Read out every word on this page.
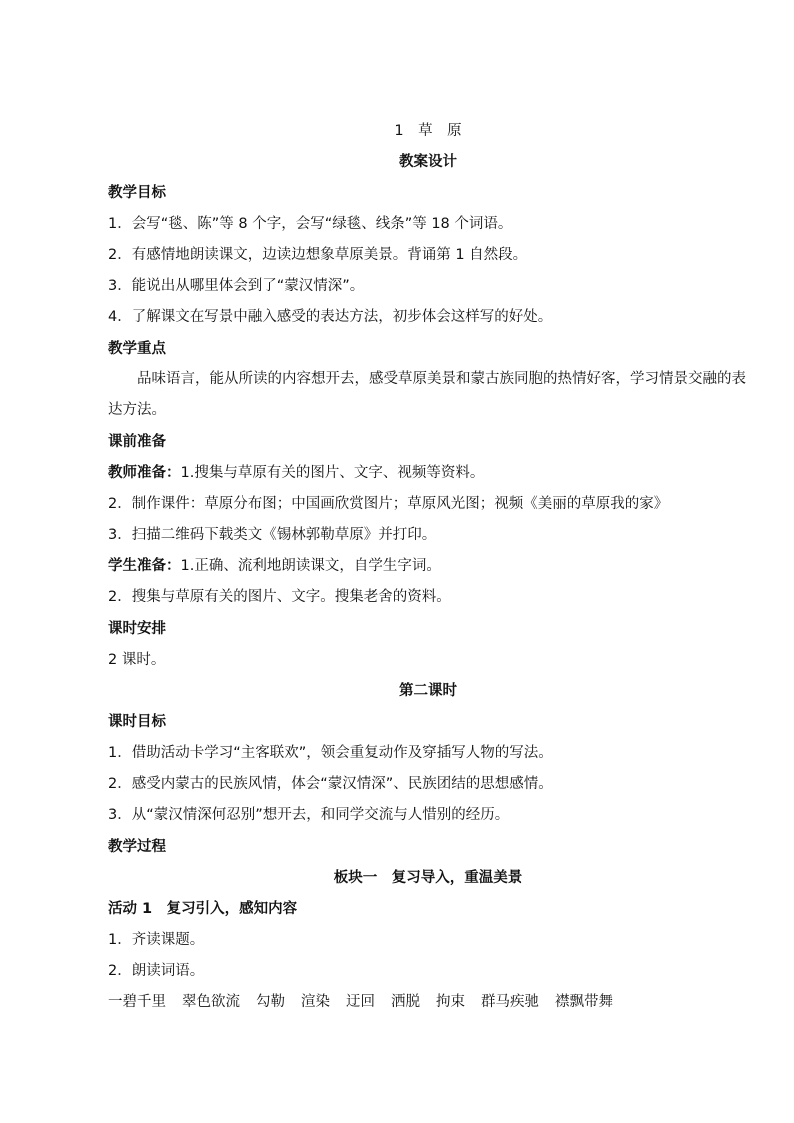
1　草　原
教案设计
教学目标
1．会写“毯、陈”等 8 个字，会写“绿毯、线条”等 18 个词语。
2．有感情地朗读课文，边读边想象草原美景。背诵第 1 自然段。
3．能说出从哪里体会到了“蒙汉情深”。
4．了解课文在写景中融入感受的表达方法，初步体会这样写的好处。
教学重点
品味语言，能从所读的内容想开去，感受草原美景和蒙古族同胞的热情好客，学习情景交融的表达方法。
课前准备
教师准备：1.搜集与草原有关的图片、文字、视频等资料。
2．制作课件：草原分布图；中国画欣赏图片；草原风光图；视频《美丽的草原我的家》
3．扫描二维码下载类文《锡林郭勒草原》并打印。
学生准备：1.正确、流利地朗读课文，自学生字词。
2．搜集与草原有关的图片、文字。搜集老舍的资料。
课时安排
2 课时。
第二课时
课时目标
1．借助活动卡学习“主客联欢”，领会重复动作及穿插写人物的写法。
2．感受内蒙古的民族风情，体会“蒙汉情深”、民族团结的思想感情。
3．从“蒙汉情深何忍别”想开去，和同学交流与人惜别的经历。
教学过程
板块一　复习导入，重温美景
活动 1　复习引入，感知内容
1．齐读课题。
2．朗读词语。
一碧千里 翠色欲流 勾勒 渲染 迂回 洒脱 拘束 群马疾驰 襟飘带舞
